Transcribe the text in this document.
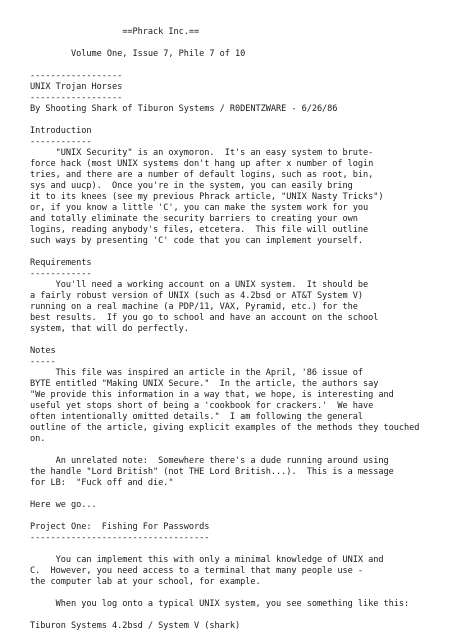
==Phrack Inc.==
Volume One, Issue 7, Phile 7 of 10
------------------
UNIX Trojan Horses
------------------
By Shooting Shark of Tiburon Systems / R0DENTZWARE - 6/26/86
Introduction
------------
"UNIX Security" is an oxymoron.  It's an easy system to brute-
force hack (most UNIX systems don't hang up after x number of login
tries, and there are a number of default logins, such as root, bin,
sys and uucp).  Once you're in the system, you can easily bring
it to its knees (see my previous Phrack article, "UNIX Nasty Tricks")
or, if you know a little 'C', you can make the system work for you
and totally eliminate the security barriers to creating your own
logins, reading anybody's files, etcetera.  This file will outline
such ways by presenting 'C' code that you can implement yourself.
Requirements
------------
You'll need a working account on a UNIX system.  It should be
a fairly robust version of UNIX (such as 4.2bsd or AT&T System V)
running on a real machine (a PDP/11, VAX, Pyramid, etc.) for the
best results.  If you go to school and have an account on the school
system, that will do perfectly.
Notes
-----
This file was inspired an article in the April, '86 issue of
BYTE entitled "Making UNIX Secure."  In the article, the authors say
"We provide this information in a way that, we hope, is interesting and
useful yet stops short of being a 'cookbook for crackers.'  We have
often intentionally omitted details."  I am following the general
outline of the article, giving explicit examples of the methods they touched
on.
An unrelated note:  Somewhere there's a dude running around using
the handle "Lord British" (not THE Lord British...).  This is a message
for LB:  "Fuck off and die."
Here we go...
Project One:  Fishing For Passwords
-----------------------------------
You can implement this with only a minimal knowledge of UNIX and
C.  However, you need access to a terminal that many people use -
the computer lab at your school, for example.
When you log onto a typical UNIX system, you see something like this:
Tiburon Systems 4.2bsd / System V (shark)
